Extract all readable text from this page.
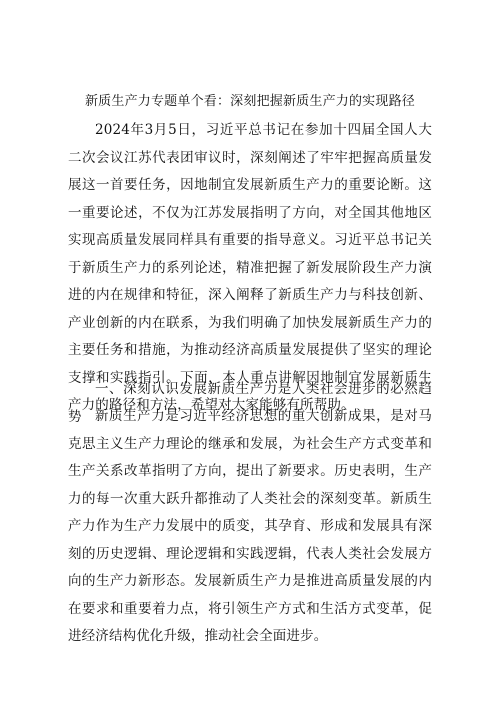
新质生产力专题单个看：深刻把握新质生产力的实现路径

2024年3月5日，习近平总书记在参加十四届全国人大二次会议江苏代表团审议时，深刻阐述了牢牢把握高质量发展这一首要任务，因地制宜发展新质生产力的重要论断。这一重要论述，不仅为江苏发展指明了方向，对全国其他地区实现高质量发展同样具有重要的指导意义。习近平总书记关于新质生产力的系列论述，精准把握了新发展阶段生产力演进的内在规律和特征，深入阐释了新质生产力与科技创新、产业创新的内在联系，为我们明确了加快发展新质生产力的主要任务和措施，为推动经济高质量发展提供了坚实的理论支撑和实践指引。下面，本人重点讲解因地制宜发展新质生产力的路径和方法，希望对大家能够有所帮助。

一、深刻认识发展新质生产力是人类社会进步的必然趋势 新质生产力是习近平经济思想的重大创新成果，是对马克思主义生产力理论的继承和发展，为社会生产方式变革和生产关系改革指明了方向，提出了新要求。历史表明，生产力的每一次重大跃升都推动了人类社会的深刻变革。新质生产力作为生产力发展中的质变，其孕育、形成和发展具有深刻的历史逻辑、理论逻辑和实践逻辑，代表人类社会发展方向的生产力新形态。发展新质生产力是推进高质量发展的内在要求和重要着力点，将引领生产方式和生活方式变革，促进经济结构优化升级，推动社会全面进步。
